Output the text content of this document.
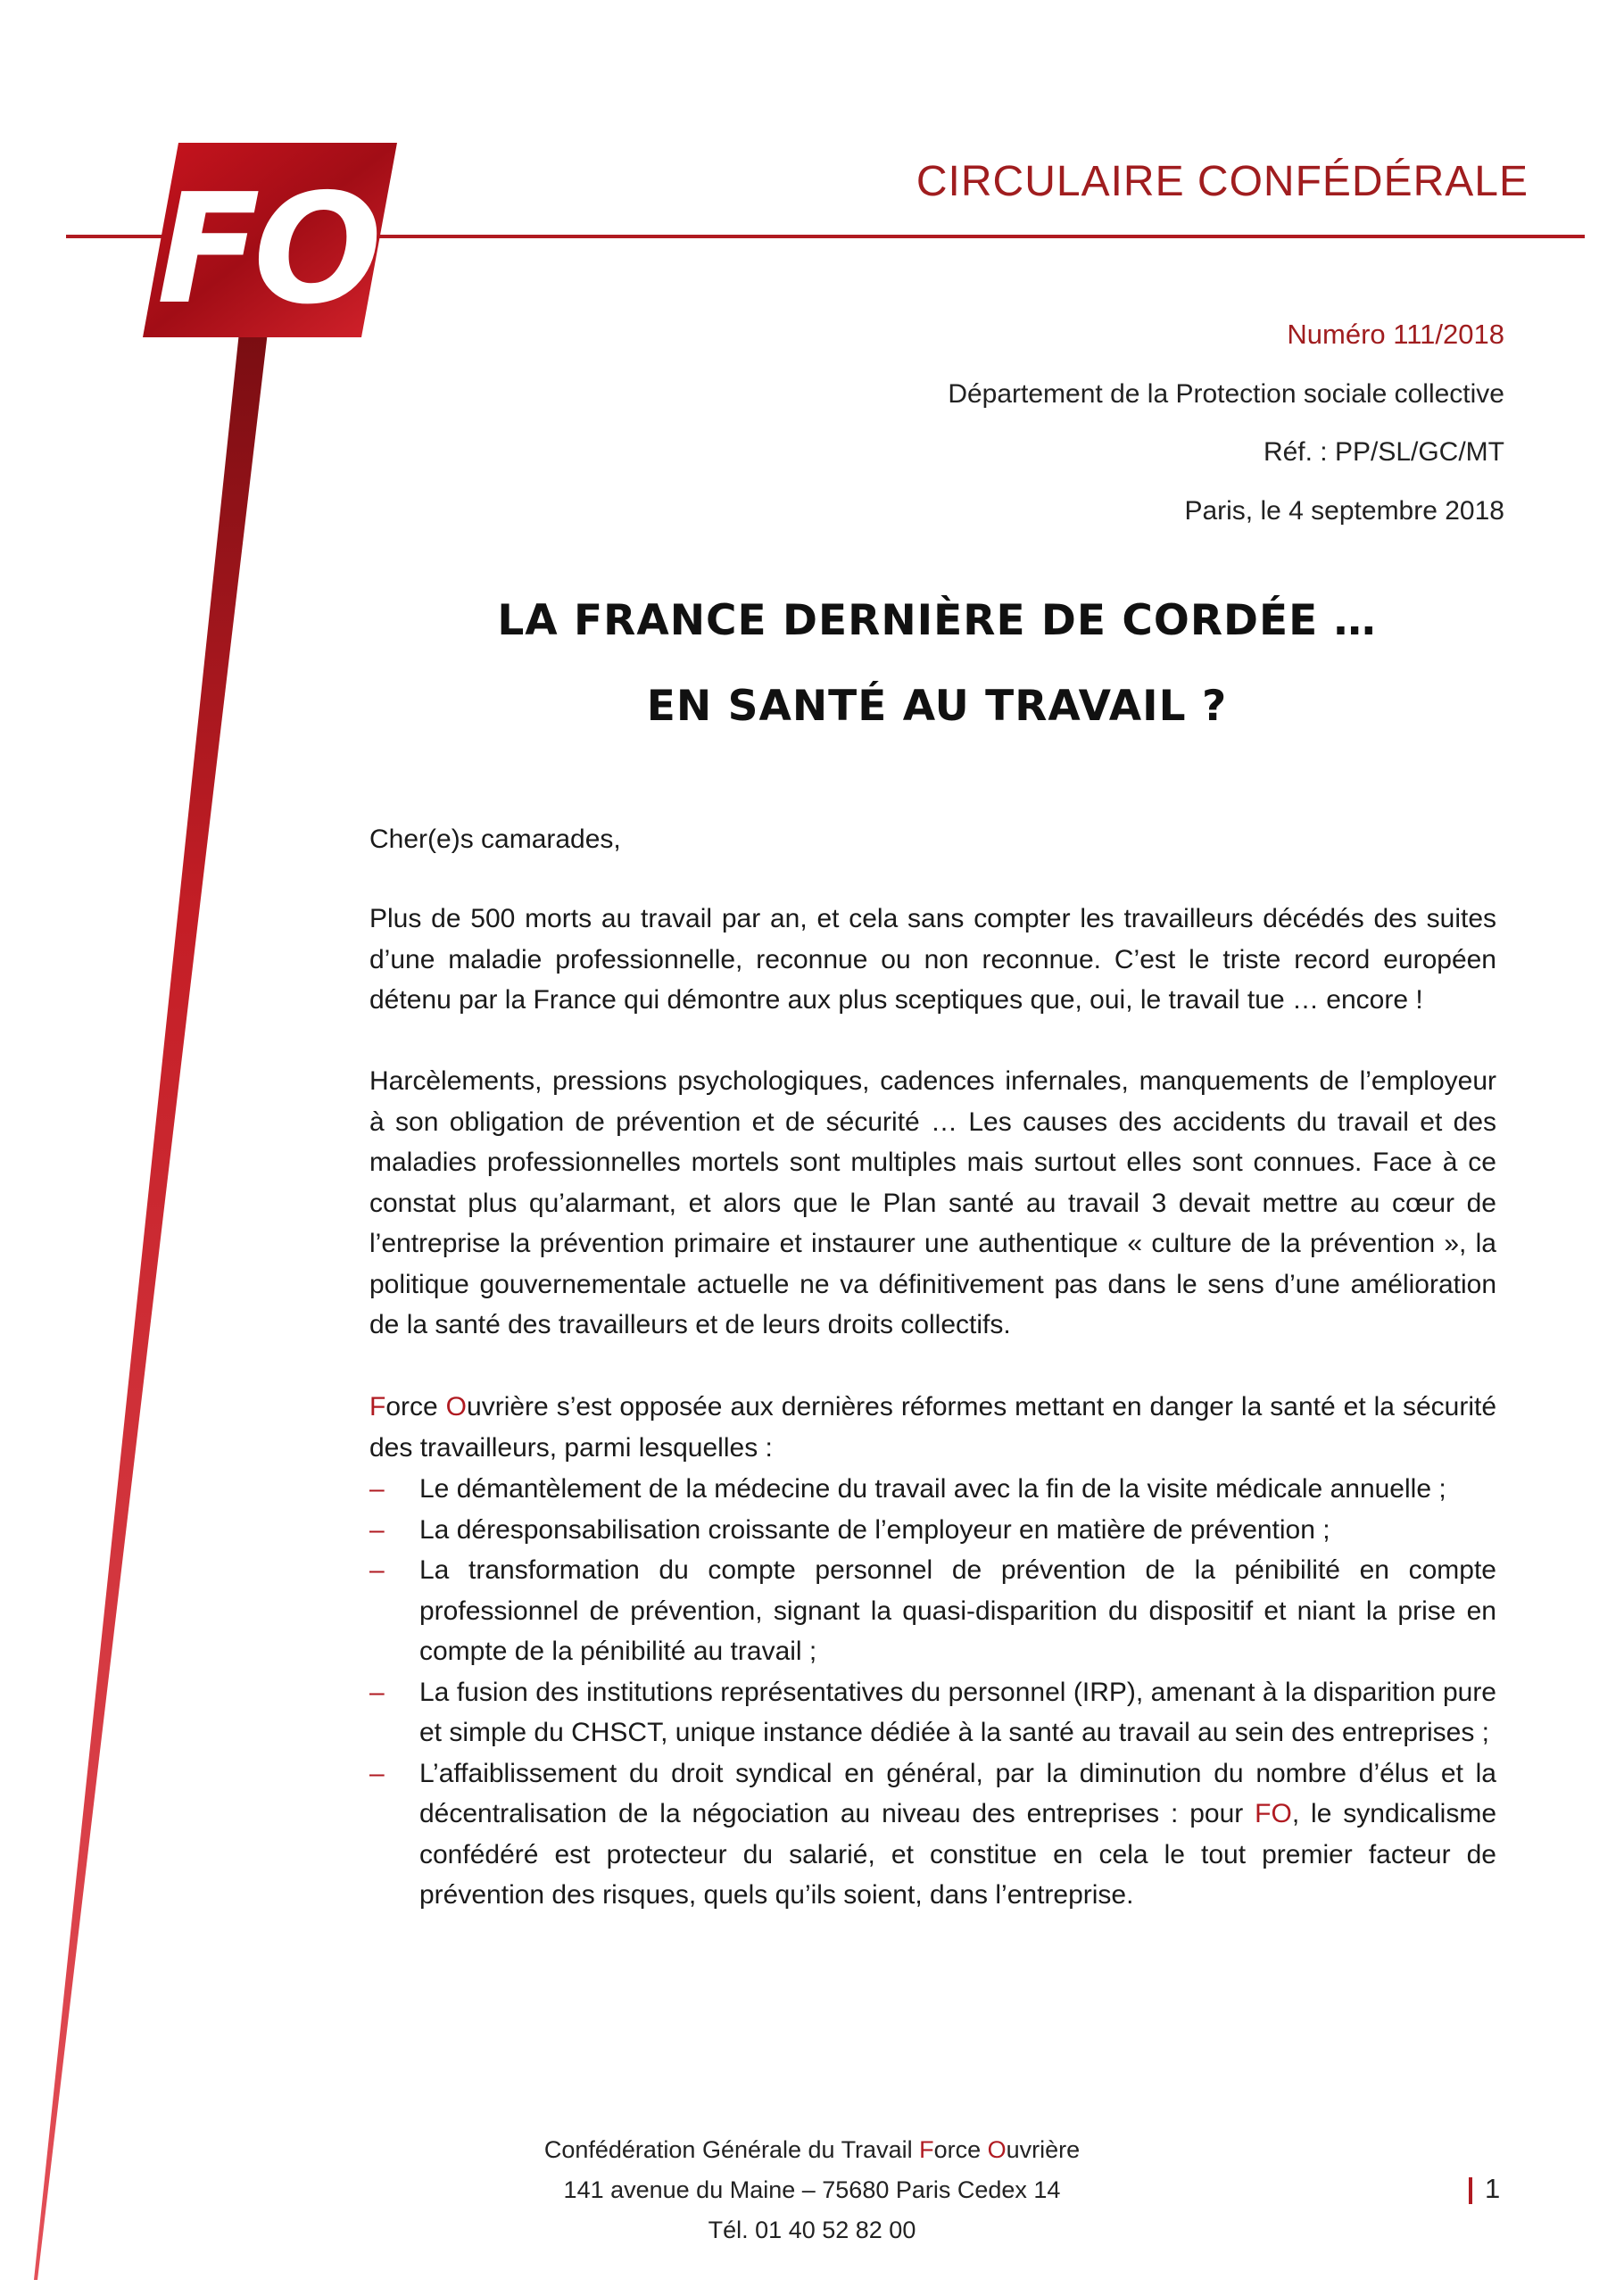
FO	CIRCULAIRE CONFÉDÉRALE
Numéro 111/2018
Département de la Protection sociale collective
Réf. : PP/SL/GC/MT
Paris, le 4 septembre 2018
LA FRANCE DERNIÈRE DE CORDÉE …
EN SANTÉ AU TRAVAIL ?
Cher(e)s camarades,
Plus de 500 morts au travail par an, et cela sans compter les travailleurs décédés des suites d’une maladie professionnelle, reconnue ou non reconnue. C’est le triste record européen détenu par la France qui démontre aux plus sceptiques que, oui, le travail tue … encore !
Harcèlements, pressions psychologiques, cadences infernales, manquements de l’employeur à son obligation de prévention et de sécurité … Les causes des accidents du travail et des maladies professionnelles mortels sont multiples mais surtout elles sont connues. Face à ce constat plus qu’alarmant, et alors que le Plan santé au travail 3 devait mettre au cœur de l’entreprise la prévention primaire et instaurer une authentique « culture de la prévention », la politique gouvernementale actuelle ne va définitivement pas dans le sens d’une amélioration de la santé des travailleurs et de leurs droits collectifs.
Force Ouvrière s’est opposée aux dernières réformes mettant en danger la santé et la sécurité des travailleurs, parmi lesquelles :
– Le démantèlement de la médecine du travail avec la fin de la visite médicale annuelle ;
– La déresponsabilisation croissante de l’employeur en matière de prévention ;
– La transformation du compte personnel de prévention de la pénibilité en compte professionnel de prévention, signant la quasi-disparition du dispositif et niant la prise en compte de la pénibilité au travail ;
– La fusion des institutions représentatives du personnel (IRP), amenant à la disparition pure et simple du CHSCT, unique instance dédiée à la santé au travail au sein des entreprises ;
– L’affaiblissement du droit syndical en général, par la diminution du nombre d’élus et la décentralisation de la négociation au niveau des entreprises : pour FO, le syndicalisme confédéré est protecteur du salarié, et constitue en cela le tout premier facteur de prévention des risques, quels qu’ils soient, dans l’entreprise.
Confédération Générale du Travail Force Ouvrière
141 avenue du Maine – 75680 Paris Cedex 14
Tél. 01 40 52 82 00
1
